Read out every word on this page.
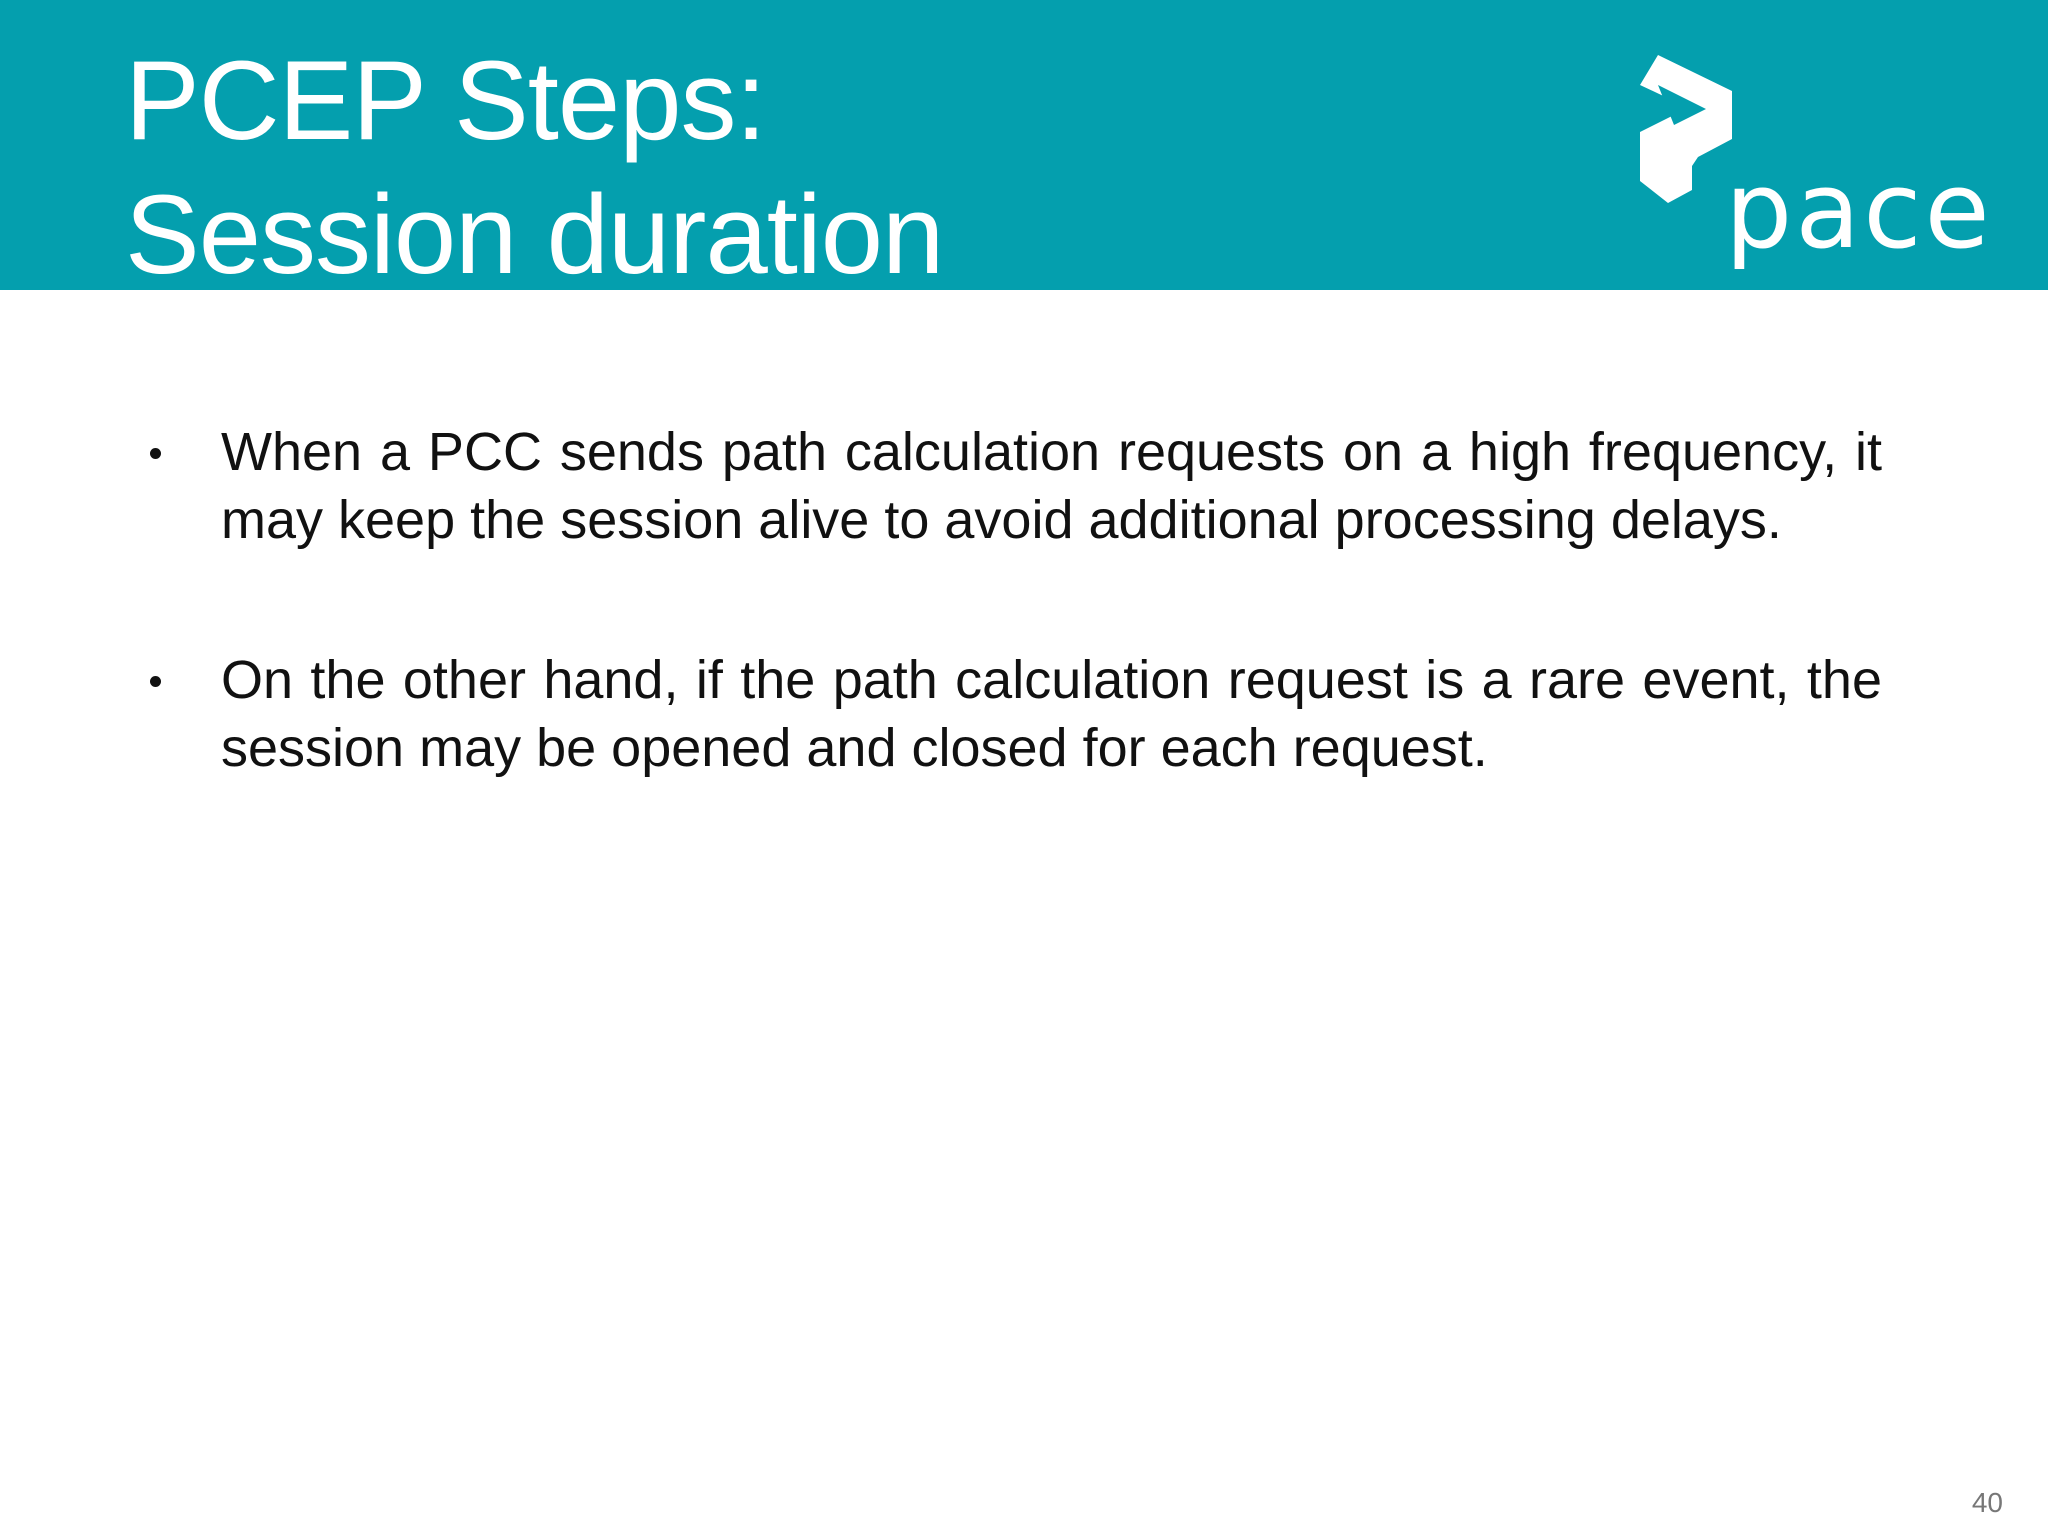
PCEP Steps:
Session duration	pace
When a PCC sends path calculation requests on a high frequency, it may keep the session alive to avoid additional processing delays.
On the other hand, if the path calculation request is a rare event, the session may be opened and closed for each request.
40
